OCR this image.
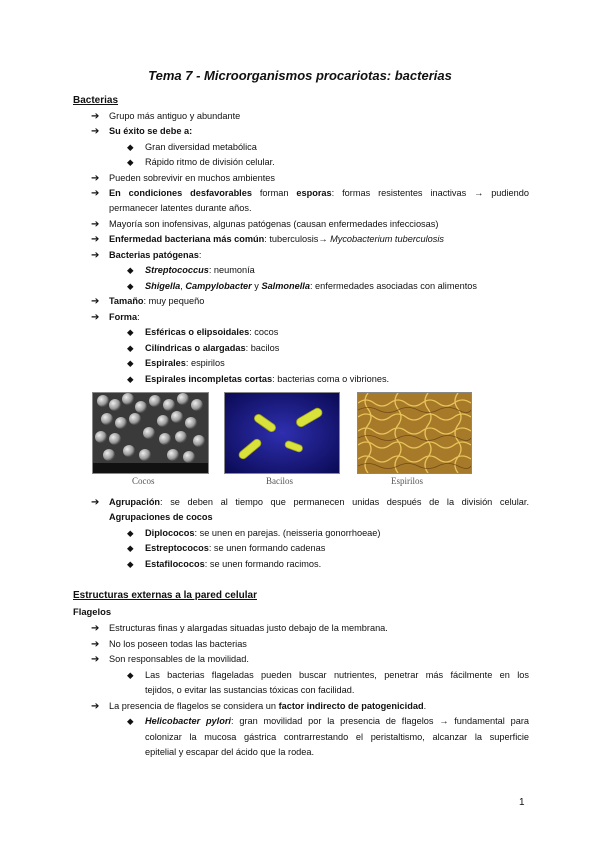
Tema 7 - Microorganismos procariotas: bacterias
Bacterias
➔	Grupo más antiguo y abundante
➔	Su éxito se debe a:
◆	Gran diversidad metabólica
◆	Rápido ritmo de división celular.
➔	Pueden sobrevivir en muchos ambientes
➔	En condiciones desfavorables forman esporas: formas resistentes inactivas → pudiendo
permanecer latentes durante años.
➔	Mayoría son inofensivas, algunas patógenas (causan enfermedades infecciosas)
➔	Enfermedad bacteriana más común: tuberculosis→ Mycobacterium tuberculosis
➔	Bacterias patógenas:
◆	Streptococcus: neumonía
◆	Shigella, Campylobacter y Salmonella: enfermedades asociadas con alimentos
➔	Tamaño: muy pequeño
➔	Forma:
◆	Esféricas o elipsoidales: cocos
◆	Cilíndricas o alargadas: bacilos
◆	Espirales: espirilos
◆	Espirales incompletas cortas: bacterias coma o vibriones.
Cocos	Bacilos	Espirilos
➔	Agrupación: se deben al tiempo que permanecen unidas después de la división celular.
Agrupaciones de cocos
◆	Diplococos: se unen en parejas. (neisseria gonorrhoeae)
◆	Estreptococos: se unen formando cadenas
◆	Estafilococos: se unen formando racimos.
Estructuras externas a la pared celular
Flagelos
➔	Estructuras finas y alargadas situadas justo debajo de la membrana.
➔	No los poseen todas las bacterias
➔	Son responsables de la movilidad.
◆	Las bacterias flageladas pueden buscar nutrientes, penetrar más fácilmente en los
tejidos, o evitar las sustancias tóxicas con facilidad.
➔	La presencia de flagelos se considera un factor indirecto de patogenicidad.
◆	Helicobacter pylori: gran movilidad por la presencia de flagelos → fundamental para
colonizar la mucosa gástrica contrarrestando el peristaltismo, alcanzar la superficie
epitelial y escapar del ácido que la rodea.
1
